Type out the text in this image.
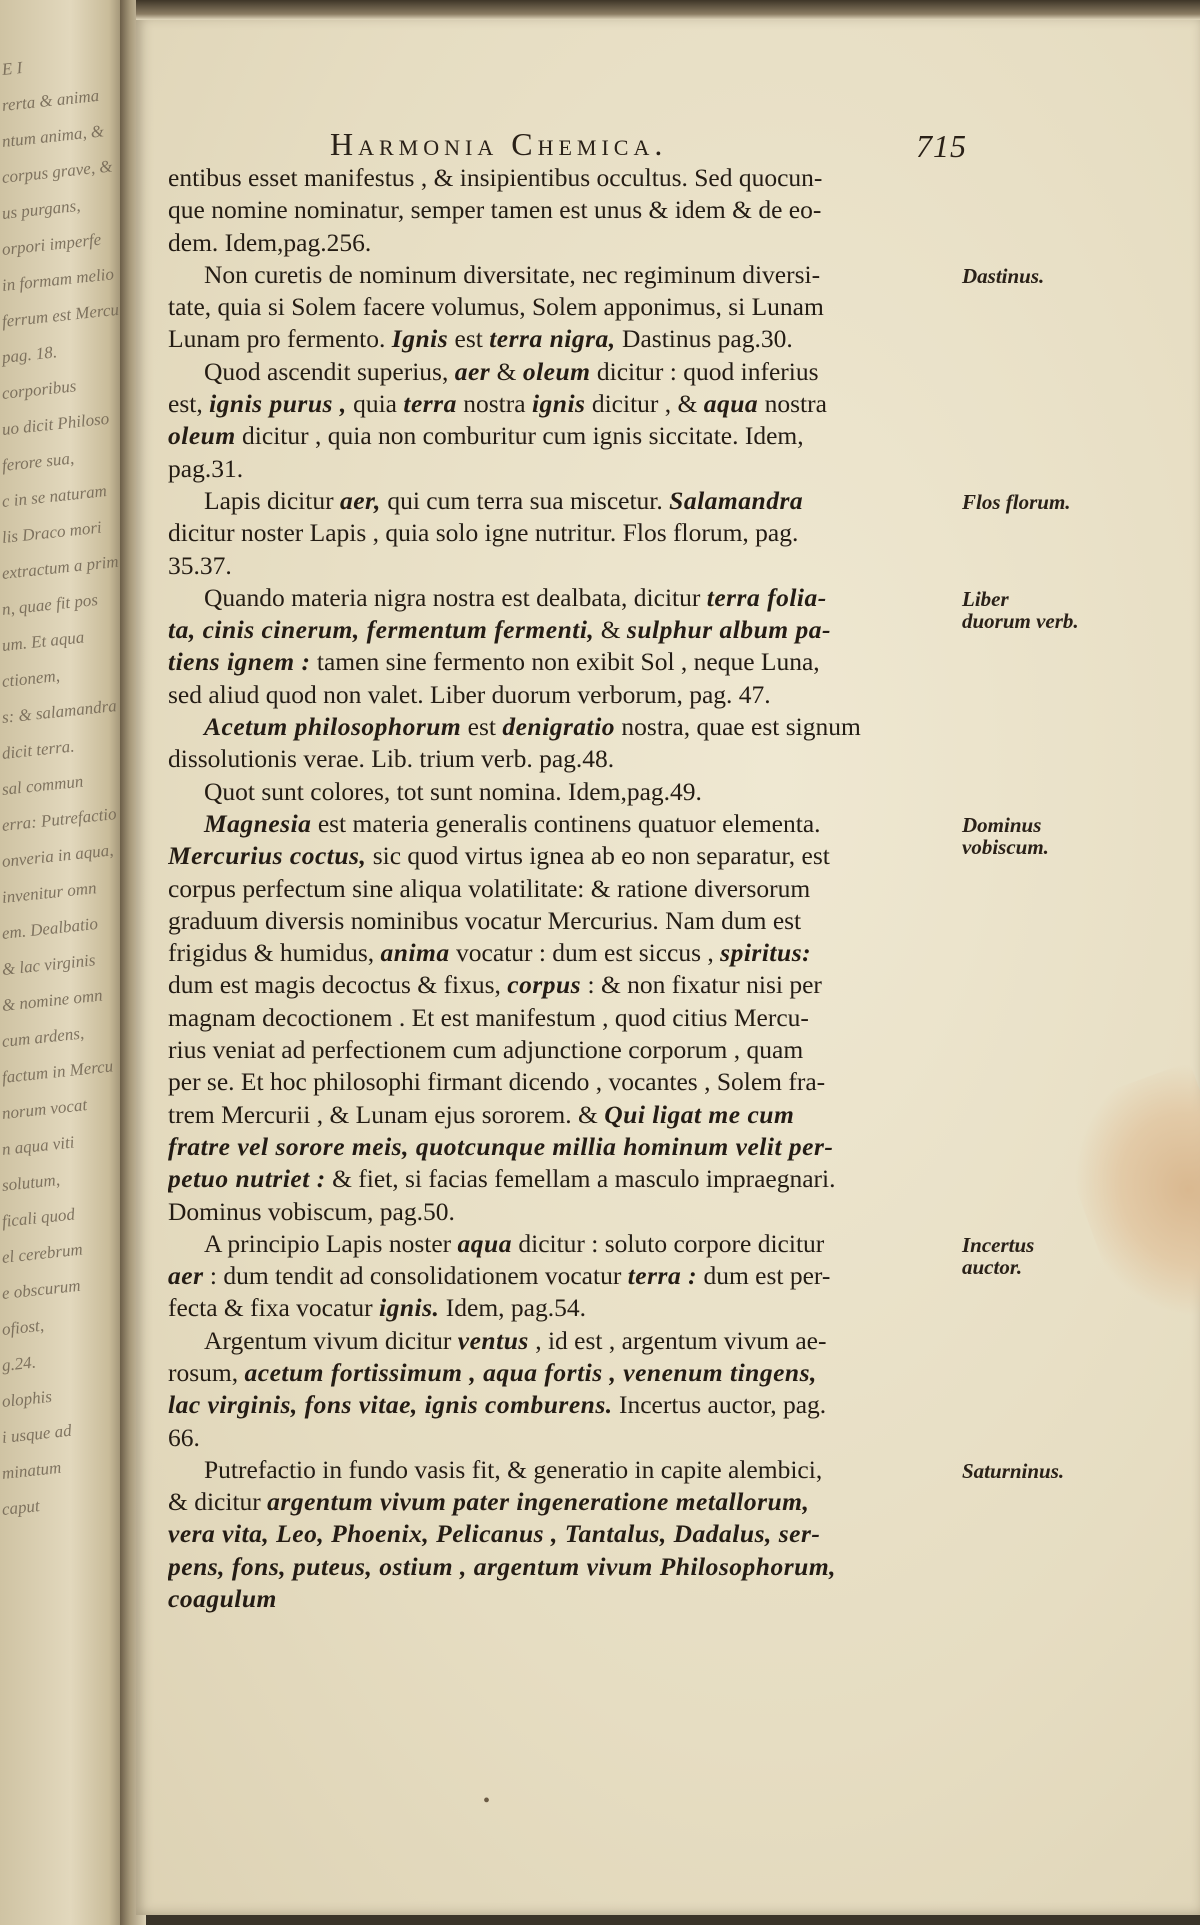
E I
rerta & anima
ntum anima, &
corpus grave, &
us purgans,
orpori imperfe
in formam melio
ferrum est Mercu
pag. 18.
corporibus
uo dicit Philoso
ferore sua,
c in se naturam
lis Draco mori
extractum a prim
n, quae fit pos
um. Et aqua
ctionem,
s: & salamandra
dicit terra.
sal commun
erra: Putrefactio
onveria in aqua,
invenitur omn
em. Dealbatio
& lac virginis
& nomine omn
cum ardens,
factum in Mercu
norum vocat
n aqua viti
solutum,
ficali quod
el cerebrum
e obscurum
ofiost,
g.24.
olophis
i usque ad
minatum
caput
Harmonia Chemica.	715
entibus esset manifestus , & insipientibus occultus. Sed quocun-
que nomine nominatur, semper tamen est unus & idem & de eo-
dem. Idem,pag.256.
Non curetis de nominum diversitate, nec regiminum diversi-
tate, quia si Solem facere volumus, Solem apponimus, si Lunam
Lunam pro fermento. Ignis est terra nigra, Dastinus pag.30.
Quod ascendit superius, aer & oleum dicitur : quod inferius
est, ignis purus , quia terra nostra ignis dicitur , & aqua nostra
oleum dicitur , quia non comburitur cum ignis siccitate. Idem,
pag.31.
Lapis dicitur aer, qui cum terra sua miscetur. Salamandra
dicitur noster Lapis , quia solo igne nutritur. Flos florum, pag.
35.37.
Quando materia nigra nostra est dealbata, dicitur terra folia-
ta, cinis cinerum, fermentum fermenti, & sulphur album pa-
tiens ignem : tamen sine fermento non exibit Sol , neque Luna,
sed aliud quod non valet. Liber duorum verborum, pag. 47.
Acetum philosophorum est denigratio nostra, quae est signum
dissolutionis verae. Lib. trium verb. pag.48.
Quot sunt colores, tot sunt nomina. Idem,pag.49.
Magnesia est materia generalis continens quatuor elementa.
Mercurius coctus, sic quod virtus ignea ab eo non separatur, est
corpus perfectum sine aliqua volatilitate: & ratione diversorum
graduum diversis nominibus vocatur Mercurius. Nam dum est
frigidus & humidus, anima vocatur : dum est siccus , spiritus:
dum est magis decoctus & fixus, corpus : & non fixatur nisi per
magnam decoctionem . Et est manifestum , quod citius Mercu-
rius veniat ad perfectionem cum adjunctione corporum , quam
per se. Et hoc philosophi firmant dicendo , vocantes , Solem fra-
trem Mercurii , & Lunam ejus sororem. & Qui ligat me cum
fratre vel sorore meis, quotcunque millia hominum velit per-
petuo nutriet : & fiet, si facias femellam a masculo impraegnari.
Dominus vobiscum, pag.50.
A principio Lapis noster aqua dicitur : soluto corpore dicitur
aer : dum tendit ad consolidationem vocatur terra : dum est per-
fecta & fixa vocatur ignis. Idem, pag.54.
Argentum vivum dicitur ventus , id est , argentum vivum ae-
rosum, acetum fortissimum , aqua fortis , venenum tingens,
lac virginis, fons vitae, ignis comburens. Incertus auctor, pag.
66.
Putrefactio in fundo vasis fit, & generatio in capite alembici,
& dicitur argentum vivum pater ingeneratione metallorum,
vera vita, Leo, Phoenix, Pelicanus , Tantalus, Dadalus, ser-
pens, fons, puteus, ostium , argentum vivum Philosophorum,
coagulum
Dastinus.
Flos florum.
Liber duorum verb.
Dominus vobiscum.
Incertus auctor.
Saturninus.
•
